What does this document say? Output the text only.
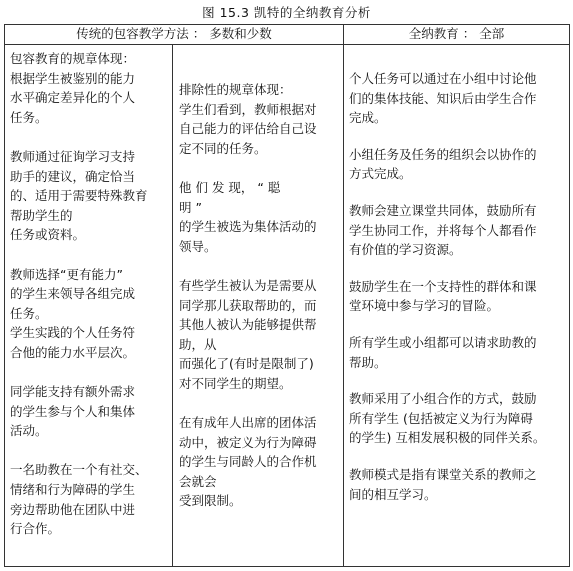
图 15.3 凯特的全纳教育分析
传统的包容教学方法 ： 多数和少数	全纳教育 ： 全部

包容教育的规章体现：
根据学生被鉴别的能力
水平确定差异化的个人
任务。

教师通过征询学习支持
助手的建议，确定恰当
的、适用于需要特殊教育
帮助学生的
任务或资料。

教师选择“更有能力”
的学生来领导各组完成
任务。
学生实践的个人任务符
合他的能力水平层次。

同学能支持有额外需求
的学生参与个人和集体
活动。

一名助教在一个有社交、
情绪和行为障碍的学生
旁边帮助他在团队中进
行合作。

排除性的规章体现：
学生们看到，教师根据对
自己能力的评估给自己设
定不同的任务。

他 们 发 现， “ 聪
明 ”
的学生被选为集体活动的
领导。

有些学生被认为是需要从
同学那儿获取帮助的，而
其他人被认为能够提供帮
助，从
而强化了(有时是限制了)
对不同学生的期望。

在有成年人出席的团体活
动中，被定义为行为障碍
的学生与同龄人的合作机
会就会
受到限制。

个人任务可以通过在小组中讨论他
们的集体技能、知识后由学生合作
完成。

小组任务及任务的组织会以协作的
方式完成。

教师会建立课堂共同体，鼓励所有
学生协同工作，并将每个人都看作
有价值的学习资源。

鼓励学生在一个支持性的群体和课
堂环境中参与学习的冒险。

所有学生或小组都可以请求助教的
帮助。

教师采用了小组合作的方式，鼓励
所有学生 (包括被定义为行为障碍
的学生) 互相发展积极的同伴关系。

教师模式是指有课堂关系的教师之
间的相互学习。
